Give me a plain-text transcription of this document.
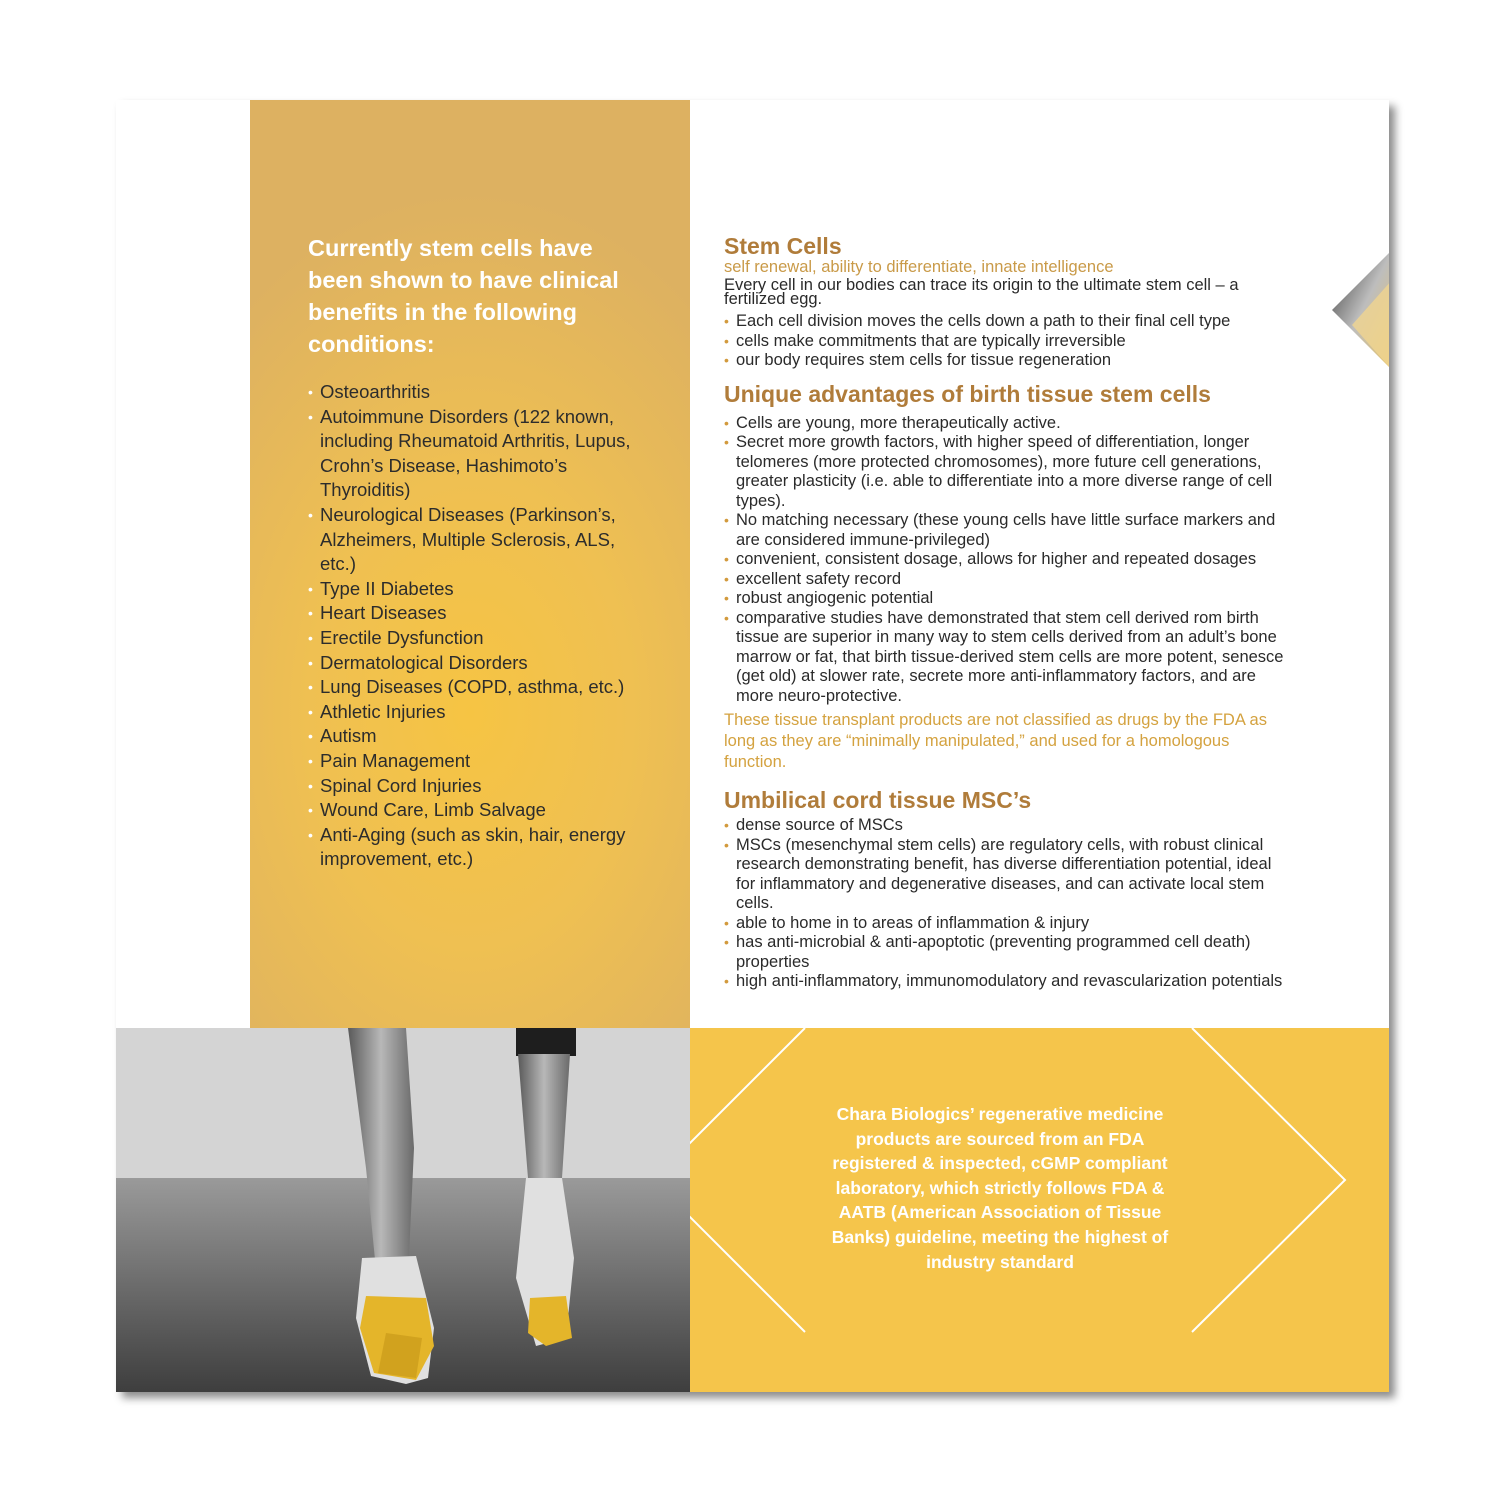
Currently stem cells have been shown to have clinical benefits in the following conditions:
• Osteoarthritis
• Autoimmune Disorders (122 known, including Rheumatoid Arthritis, Lupus, Crohn’s Disease, Hashimoto’s Thyroiditis)
• Neurological Diseases (Parkinson’s, Alzheimers, Multiple Sclerosis, ALS, etc.)
• Type II Diabetes
• Heart Diseases
• Erectile Dysfunction
• Dermatological Disorders
• Lung Diseases (COPD, asthma, etc.)
• Athletic Injuries
• Autism
• Pain Management
• Spinal Cord Injuries
• Wound Care, Limb Salvage
• Anti-Aging (such as skin, hair, energy improvement, etc.)
Stem Cells

self renewal, ability to differentiate, innate intelligence

Every cell in our bodies can trace its origin to the ultimate stem cell – a fertilized egg.

• Each cell division moves the cells down a path to their final cell type
• cells make commitments that are typically irreversible
• our body requires stem cells for tissue regeneration
Unique advantages of birth tissue stem cells
• Cells are young, more therapeutically active.
• Secret more growth factors, with higher speed of differentiation, longer telomeres (more protected chromosomes), more future cell generations, greater plasticity (i.e. able to differentiate into a more diverse range of cell types).
• No matching necessary (these young cells have little surface markers and are considered immune-privileged)
• convenient, consistent dosage, allows for higher and repeated dosages
• excellent safety record
• robust angiogenic potential
• comparative studies have demonstrated that stem cell derived rom birth tissue are superior in many way to stem cells derived from an adult’s bone marrow or fat, that birth tissue-derived stem cells are more potent, senesce (get old) at slower rate, secrete more anti-inflammatory factors, and are more neuro-protective.

These tissue transplant products are not classified as drugs by the FDA as long as they are “minimally manipulated,” and used for a homologous function.

Umbilical cord tissue MSC’s
• dense source of MSCs
• MSCs (mesenchymal stem cells) are regulatory cells, with robust clinical research demonstrating benefit, has diverse differentiation potential, ideal for inflammatory and degenerative diseases, and can activate local stem cells.
• able to home in to areas of inflammation & injury
• has anti-microbial & anti-apoptotic (preventing programmed cell death) properties
• high anti-inflammatory, immunomodulatory and revascularization potentials

Chara Biologics’ regenerative medicine products are sourced from an FDA registered & inspected, cGMP compliant laboratory, which strictly follows FDA & AATB (American Association of Tissue Banks) guideline, meeting the highest of industry standard
